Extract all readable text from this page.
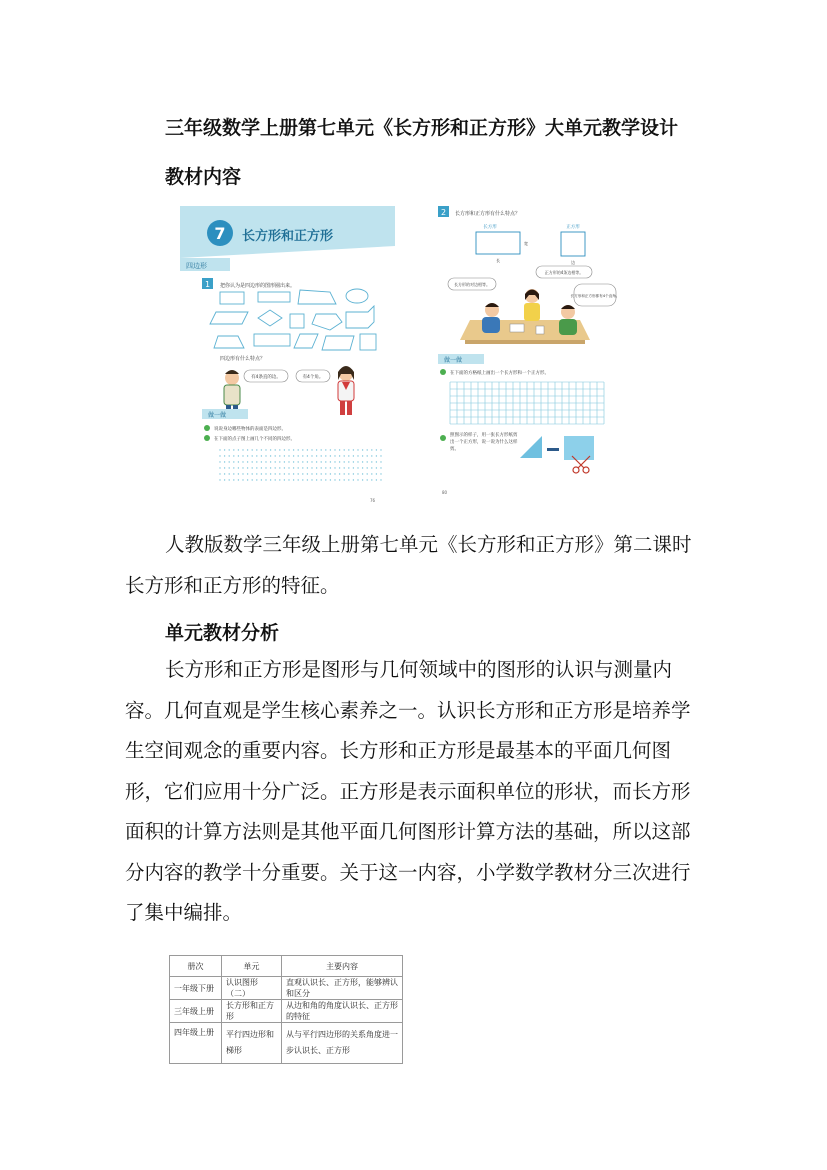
三年级数学上册第七单元《长方形和正方形》大单元教学设计
教材内容
7 长方形和正方形
四边形
1 把你认为是四边形的图形圈出来。
四边形有什么特点？
有4条直的边。	有4个角。
做一做
说说身边哪些物体的表面是四边形。
在下面的点子图上画几个不同的四边形。
76
2 长方形和正方形有什么特点？
长方形
长
宽
正方形
边
正方形的4条边相等。
长方形的对边相等。
长方形和正方形都有4个直角。
做一做
在下面的方格纸上画出一个长方形和一个正方形。
照图示的样子，用一张长方形纸剪出一个正方形，说一说为什么这样剪。
80
人教版数学三年级上册第七单元《长方形和正方形》第二课时长方形和正方形的特征。
单元教材分析
长方形和正方形是图形与几何领域中的图形的认识与测量内容。几何直观是学生核心素养之一。认识长方形和正方形是培养学生空间观念的重要内容。长方形和正方形是最基本的平面几何图形，它们应用十分广泛。正方形是表示面积单位的形状，而长方形面积的计算方法则是其他平面几何图形计算方法的基础，所以这部分内容的教学十分重要。关于这一内容，小学数学教材分三次进行了集中编排。
册次	单元	主要内容
一年级下册	认识图形（二）	直观认识长、正方形，能够辨认和区分
三年级上册	长方形和正方形	从边和角的角度认识长、正方形的特征
四年级上册	平行四边形和梯形	从与平行四边形的关系角度进一步认识长、正方形
